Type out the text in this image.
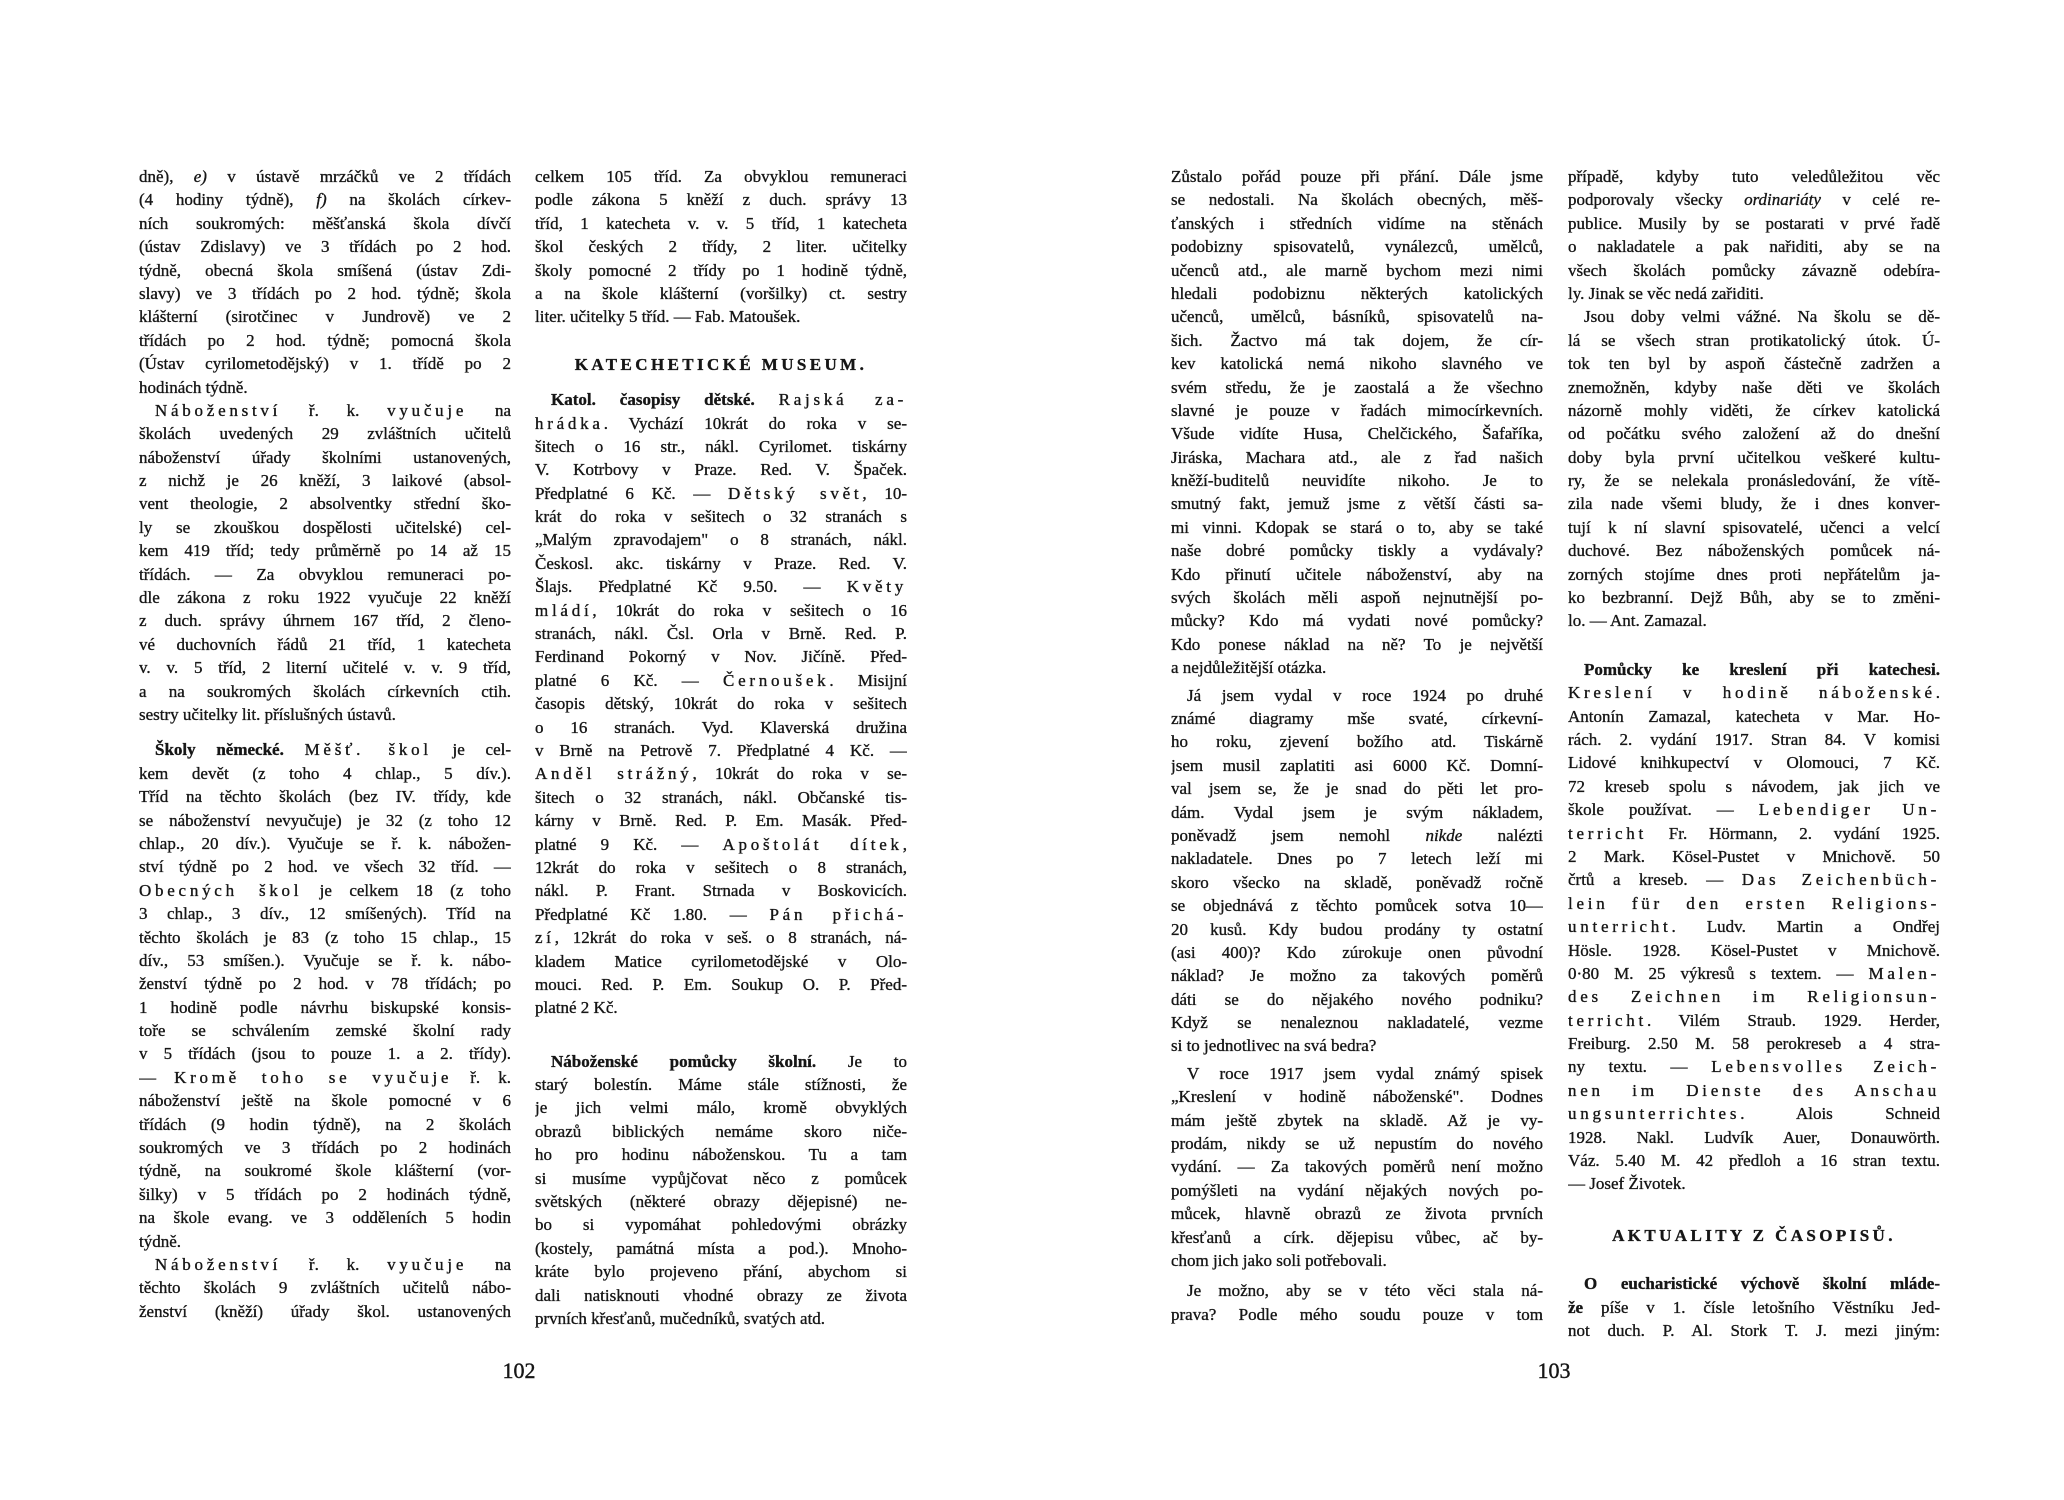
dně), e) v ústavě mrzáčků ve 2 třídách
(4 hodiny týdně), f) na školách církev-
ních soukromých: měšťanská škola dívčí
(ústav Zdislavy) ve 3 třídách po 2 hod.
týdně, obecná škola smíšená (ústav Zdi-
slavy) ve 3 třídách po 2 hod. týdně; škola
klášterní (sirotčinec v Jundrově) ve 2
třídách po 2 hod. týdně; pomocná škola
(Ústav cyrilometodějský) v 1. třídě po 2
hodinách týdně.
Náboženství ř. k. vyučuje na
školách uvedených 29 zvláštních učitelů
náboženství úřady školními ustanovených,
z nichž je 26 kněží, 3 laikové (absol-
vent theologie, 2 absolventky střední ško-
ly se zkouškou dospělosti učitelské) cel-
kem 419 tříd; tedy průměrně po 14 až 15
třídách. — Za obvyklou remuneraci po-
dle zákona z roku 1922 vyučuje 22 kněží
z duch. správy úhrnem 167 tříd, 2 členo-
vé duchovních řádů 21 tříd, 1 katecheta
v. v. 5 tříd, 2 literní učitelé v. v. 9 tříd,
a na soukromých školách církevních ctih.
sestry učitelky lit. příslušných ústavů.
Školy německé. Měšť. škol je cel-
kem devět (z toho 4 chlap., 5 dív.).
Tříd na těchto školách (bez IV. třídy, kde
se náboženství nevyučuje) je 32 (z toho 12
chlap., 20 dív.). Vyučuje se ř. k. nábožen-
ství týdně po 2 hod. ve všech 32 tříd. —
Obecných škol je celkem 18 (z toho
3 chlap., 3 dív., 12 smíšených). Tříd na
těchto školách je 83 (z toho 15 chlap., 15
dív., 53 smíšen.). Vyučuje se ř. k. nábo-
ženství týdně po 2 hod. v 78 třídách; po
1 hodině podle návrhu biskupské konsis-
toře se schválením zemské školní rady
v 5 třídách (jsou to pouze 1. a 2. třídy).
— Kromě toho se vyučuje ř. k.
náboženství ještě na škole pomocné v 6
třídách (9 hodin týdně), na 2 školách
soukromých ve 3 třídách po 2 hodinách
týdně, na soukromé škole klášterní (vor-
šilky) v 5 třídách po 2 hodinách týdně,
na škole evang. ve 3 odděleních 5 hodin
týdně.
Náboženství ř. k. vyučuje na
těchto školách 9 zvláštních učitelů nábo-
ženství (kněží) úřady škol. ustanovených
celkem 105 tříd. Za obvyklou remuneraci
podle zákona 5 kněží z duch. správy 13
tříd, 1 katecheta v. v. 5 tříd, 1 katecheta
škol českých 2 třídy, 2 liter. učitelky
školy pomocné 2 třídy po 1 hodině týdně,
a na škole klášterní (voršilky) ct. sestry
liter. učitelky 5 tříd. — Fab. Matoušek.
KATECHETICKÉ MUSEUM.
Katol. časopisy dětské. Rajská za-
hrádka. Vychází 10krát do roka v se-
šitech o 16 str., nákl. Cyrilomet. tiskárny
V. Kotrbovy v Praze. Red. V. Špaček.
Předplatné 6 Kč. — Dětský svět, 10-
krát do roka v sešitech o 32 stranách s
„Malým zpravodajem" o 8 stranách, nákl.
Českosl. akc. tiskárny v Praze. Red. V.
Šlajs. Předplatné Kč 9.50. — Květy
mládí, 10krát do roka v sešitech o 16
stranách, nákl. Čsl. Orla v Brně. Red. P.
Ferdinand Pokorný v Nov. Jičíně. Před-
platné 6 Kč. — Černoušek. Misijní
časopis dětský, 10krát do roka v sešitech
o 16 stranách. Vyd. Klaverská družina
v Brně na Petrově 7. Předplatné 4 Kč. —
Anděl strážný, 10krát do roka v se-
šitech o 32 stranách, nákl. Občanské tis-
kárny v Brně. Red. P. Em. Masák. Před-
platné 9 Kč. — Apoštolát dítek,
12krát do roka v sešitech o 8 stranách,
nákl. P. Frant. Strnada v Boskovicích.
Předplatné Kč 1.80. — Pán přichá-
zí, 12krát do roka v seš. o 8 stranách, ná-
kladem Matice cyrilometodějské v Olo-
mouci. Red. P. Em. Soukup O. P. Před-
platné 2 Kč.
Náboženské pomůcky školní. Je to
starý bolestín. Máme stále stížnosti, že
je jich velmi málo, kromě obvyklých
obrazů biblických nemáme skoro niče-
ho pro hodinu náboženskou. Tu a tam
si musíme vypůjčovat něco z pomůcek
světských (některé obrazy dějepisné) ne-
bo si vypomáhat pohledovými obrázky
(kostely, památná místa a pod.). Mnoho-
kráte bylo projeveno přání, abychom si
dali natisknouti vhodné obrazy ze života
prvních křesťanů, mučedníků, svatých atd.
Zůstalo pořád pouze při přání. Dále jsme
se nedostali. Na školách obecných, měš-
ťanských i středních vidíme na stěnách
podobizny spisovatelů, vynálezců, umělců,
učenců atd., ale marně bychom mezi nimi
hledali podobiznu některých katolických
učenců, umělců, básníků, spisovatelů na-
šich. Žactvo má tak dojem, že cír-
kev katolická nemá nikoho slavného ve
svém středu, že je zaostalá a že všechno
slavné je pouze v řadách mimocírkevních.
Všude vidíte Husa, Chelčického, Šafaříka,
Jiráska, Machara atd., ale z řad našich
kněží-buditelů neuvidíte nikoho. Je to
smutný fakt, jemuž jsme z větší části sa-
mi vinni. Kdopak se stará o to, aby se také
naše dobré pomůcky tiskly a vydávaly?
Kdo přinutí učitele náboženství, aby na
svých školách měli aspoň nejnutnější po-
můcky? Kdo má vydati nové pomůcky?
Kdo ponese náklad na ně? To je největší
a nejdůležitější otázka.
Já jsem vydal v roce 1924 po druhé
známé diagramy mše svaté, církevní-
ho roku, zjevení božího atd. Tiskárně
jsem musil zaplatiti asi 6000 Kč. Domní-
val jsem se, že je snad do pěti let pro-
dám. Vydal jsem je svým nákladem,
poněvadž jsem nemohl nikde nalézti
nakladatele. Dnes po 7 letech leží mi
skoro všecko na skladě, poněvadž ročně
se objednává z těchto pomůcek sotva 10—
20 kusů. Kdy budou prodány ty ostatní
(asi 400)? Kdo zúrokuje onen původní
náklad? Je možno za takových poměrů
dáti se do nějakého nového podniku?
Když se nenaleznou nakladatelé, vezme
si to jednotlivec na svá bedra?
V roce 1917 jsem vydal známý spisek
„Kreslení v hodině náboženské". Dodnes
mám ještě zbytek na skladě. Až je vy-
prodám, nikdy se už nepustím do nového
vydání. — Za takových poměrů není možno
pomýšleti na vydání nějakých nových po-
můcek, hlavně obrazů ze života prvních
křesťanů a círk. dějepisu vůbec, ač by-
chom jich jako soli potřebovali.
Je možno, aby se v této věci stala ná-
prava? Podle mého soudu pouze v tom
případě, kdyby tuto veledůležitou věc
podporovaly všecky ordinariáty v celé re-
publice. Musily by se postarati v prvé řadě
o nakladatele a pak nařiditi, aby se na
všech školách pomůcky závazně odebíra-
ly. Jinak se věc nedá zařiditi.
Jsou doby velmi vážné. Na školu se dě-
lá se všech stran protikatolický útok. Ú-
tok ten byl by aspoň částečně zadržen a
znemožněn, kdyby naše děti ve školách
názorně mohly viděti, že církev katolická
od počátku svého založení až do dnešní
doby byla první učitelkou veškeré kultu-
ry, že se nelekala pronásledování, že vítě-
zila nade všemi bludy, že i dnes konver-
tují k ní slavní spisovatelé, učenci a velcí
duchové. Bez náboženských pomůcek ná-
zorných stojíme dnes proti nepřátelům ja-
ko bezbranní. Dejž Bůh, aby se to změni-
lo. — Ant. Zamazal.
Pomůcky ke kreslení při katechesi.
Kreslení v hodině náboženské.
Antonín Zamazal, katecheta v Mar. Ho-
rách. 2. vydání 1917. Stran 84. V komisi
Lidové knihkupectví v Olomouci, 7 Kč.
72 kreseb spolu s návodem, jak jich ve
škole používat. — Lebendiger Un-
terricht Fr. Hörmann, 2. vydání 1925.
2 Mark. Kösel-Pustet v Mnichově. 50
črtů a kreseb. — Das Zeichenbüch-
lein für den ersten Religions-
unterricht. Ludv. Martin a Ondřej
Hösle. 1928. Kösel-Pustet v Mnichově.
0·80 M. 25 výkresů s textem. — Malen-
des Zeichnen im Religionsun-
terricht. Vilém Straub. 1929. Herder,
Freiburg. 2.50 M. 58 perokreseb a 4 stra-
ny textu. — Lebensvolles Zeich-
nen im Dienste des Anschau
ungsunterrichtes. Alois Schneid
1928. Nakl. Ludvík Auer, Donauwörth.
Váz. 5.40 M. 42 předloh a 16 stran textu.
— Josef Životek.
AKTUALITY Z ČASOPISŮ.
O eucharistické výchově školní mláde-
že píše v 1. čísle letošního Věstníku Jed-
not duch. P. Al. Stork T. J. mezi jiným:
102	103
